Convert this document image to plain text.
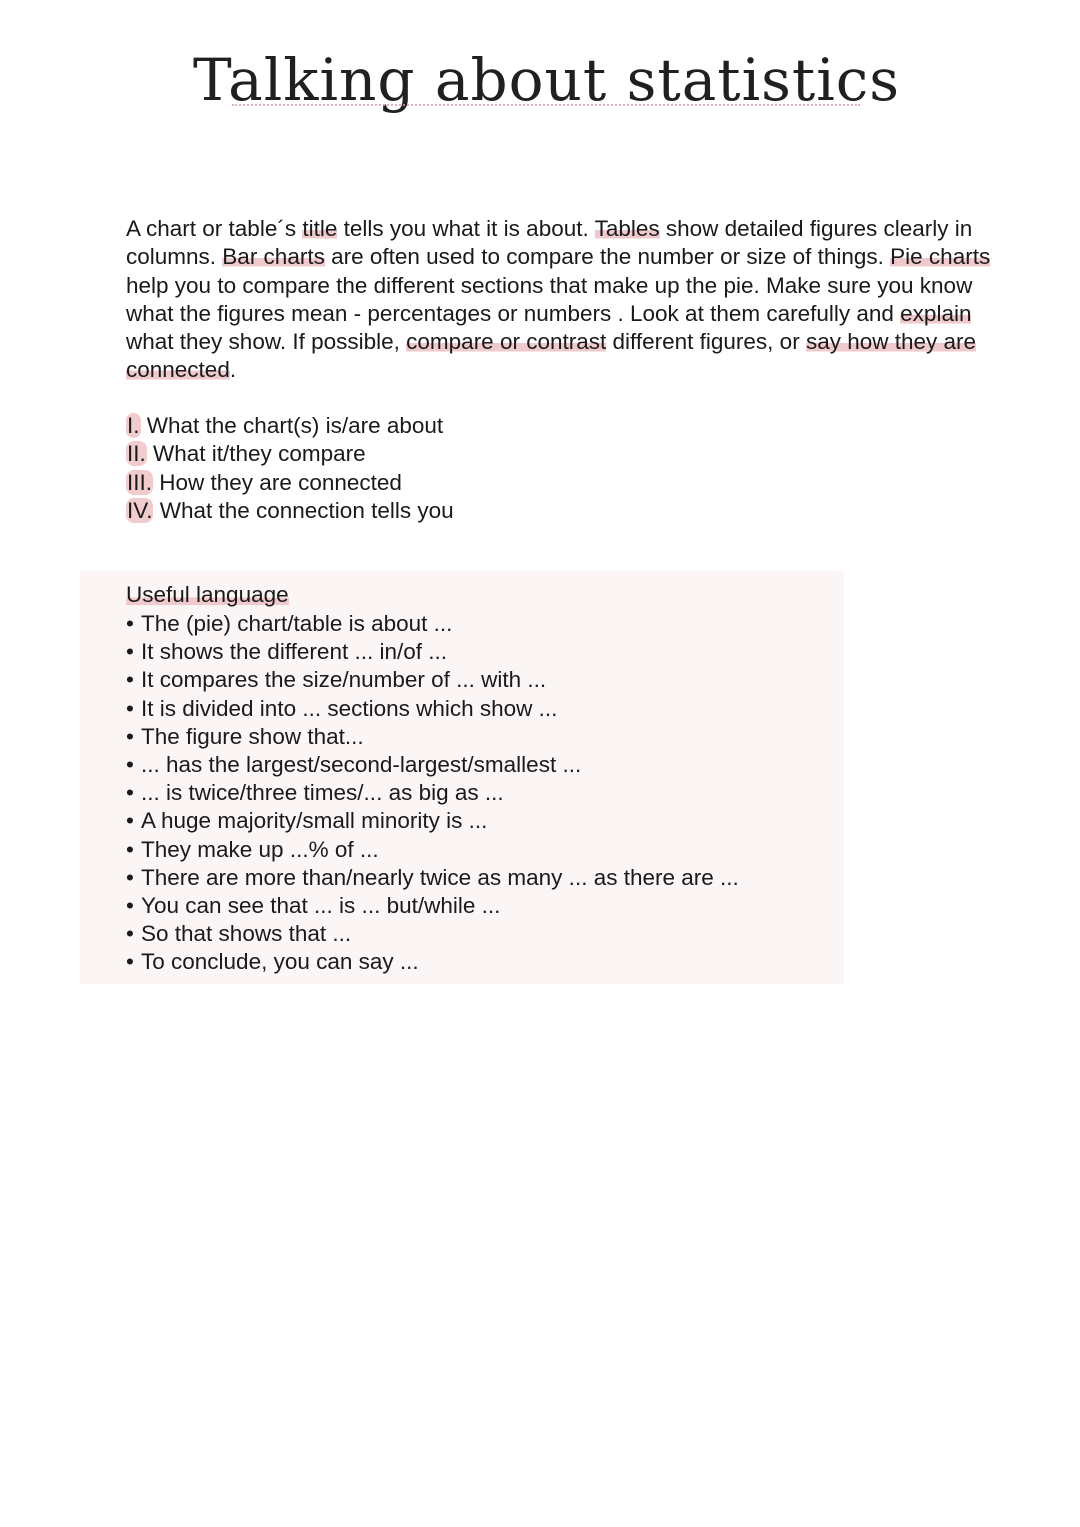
Talking about statistics

A chart or table´s title tells you what it is about. Tables show detailed figures clearly in columns. Bar charts are often used to compare the number or size of things. Pie charts help you to compare the different sections that make up the pie. Make sure you know what the figures mean - percentages or numbers . Look at them carefully and explain what they show. If possible, compare or contrast different figures, or say how they are connected.

I. What the chart(s) is/are about
II. What it/they compare
III. How they are connected
IV. What the connection tells you
Useful language
• The (pie) chart/table is about ...
• It shows the different ... in/of ...
• It compares the size/number of ... with ...
• It is divided into ... sections which show ...
• The figure show that...
• ... has the largest/second-largest/smallest ...
• ... is twice/three times/... as big as ...
• A huge majority/small minority is ...
• They make up ...% of ...
• There are more than/nearly twice as many ... as there are ...
• You can see that ... is ... but/while ...
• So that shows that ...
• To conclude, you can say ...
